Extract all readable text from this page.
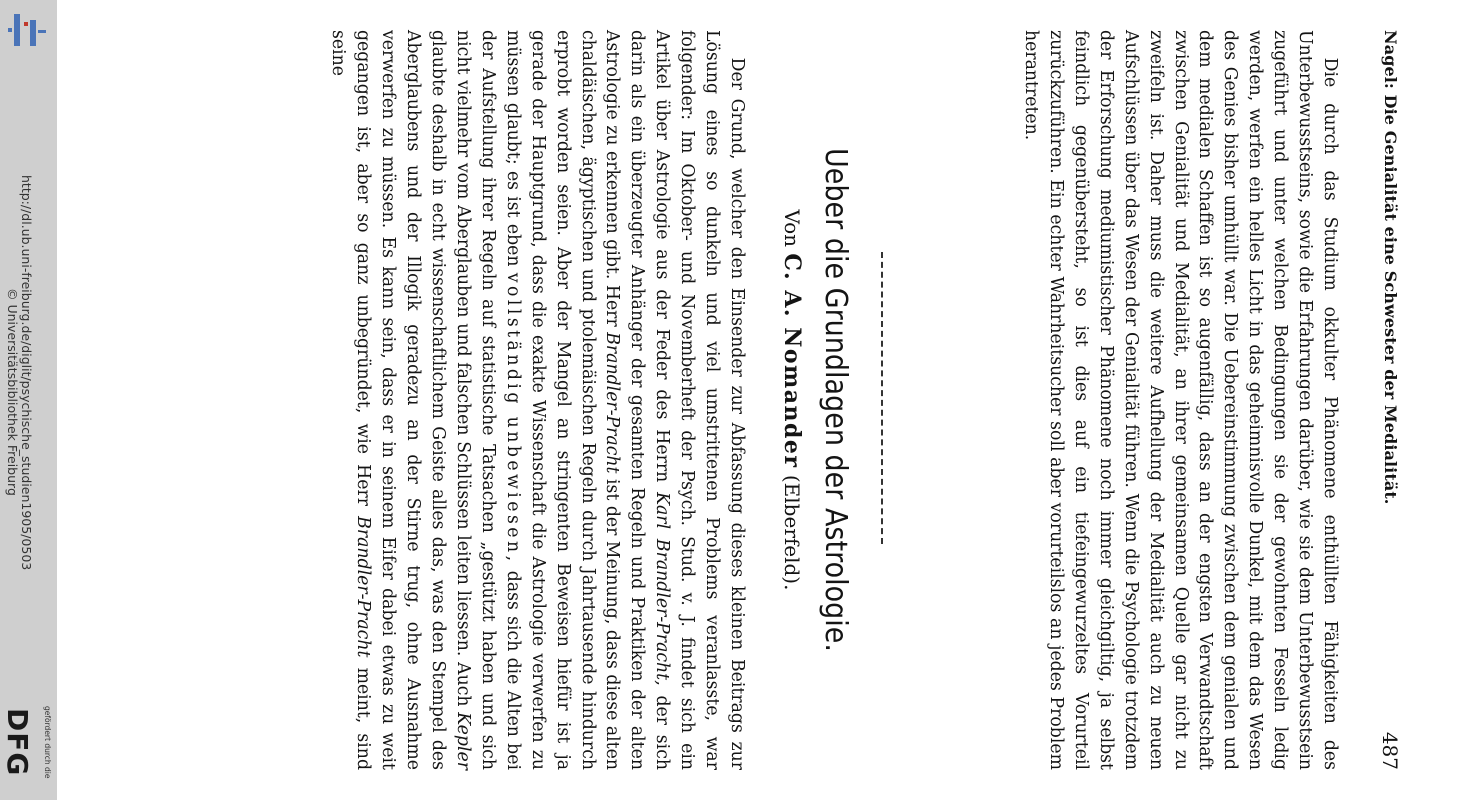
http://dl.ub.uni-freiburg.de/diglit/psychische_studien1905/0503
© Universitätsbibliothek Freiburg
gefördert durch die
DFG
Nagel: Die Genialität eine Schwester der Medialität.
487

Die durch das Studium okkulter Phänomene enthüllten Fähigkeiten des Unterbewusstseins, sowie die Erfahrungen darüber, wie sie dem Unterbewusstsein zugeführt und unter welchen Bedingungen sie der gewohnten Fesseln ledig werden, werfen ein helles Licht in das geheimnisvolle Dunkel, mit dem das Wesen des Genies bisher umhüllt war. Die Uebereinstimmung zwischen dem genialen und dem medialen Schaffen ist so augenfällig, dass an der engsten Verwandtschaft zwischen Genialität und Medialität, an ihrer gemeinsamen Quelle gar nicht zu zweifeln ist. Daher muss die weitere Aufhellung der Medialität auch zu neuen Aufschlüssen über das Wesen der Genialität führen. Wenn die Psychologie trotzdem der Erforschung mediumistischer Phänomene noch immer gleichgiltig, ja selbst feindlich gegenübersteht, so ist dies auf ein tiefeingewurzeltes Vorurteil zurückzuführen. Ein echter Wahrheitsucher soll aber vorurteilslos an jedes Problem herantreten.

Ueber die Grundlagen der Astrologie.
Von C. A. Nomander (Elberfeld).

Der Grund, welcher den Einsender zur Abfassung dieses kleinen Beitrags zur Lösung eines so dunkeln und viel umstrittenen Problems veranlasste, war folgender: Im Oktober- und Novemberheft der Psych. Stud. v. J. findet sich ein Artikel über Astrologie aus der Feder des Herrn Karl Brandler-Pracht, der sich darin als ein überzeugter Anhänger der gesamten Regeln und Praktiken der alten Astrologie zu erkennen gibt. Herr Brandler-Pracht ist der Meinung, dass diese alten chaldäischen, ägyptischen und ptolemäischen Regeln durch Jahrtausende hindurch erprobt worden seien. Aber der Mangel an stringenten Beweisen hiefür ist ja gerade der Hauptgrund, dass die exakte Wissenschaft die Astrologie verwerfen zu müssen glaubt; es ist eben vollständig unbewiesen, dass sich die Alten bei der Aufstellung ihrer Regeln auf statistische Tatsachen „gestützt haben und sich nicht vielmehr vom Aberglauben und falschen Schlüssen leiten liessen. Auch Kepler glaubte deshalb in echt wissenschaftlichem Geiste alles das, was den Stempel des Aberglaubens und der Illogik geradezu an der Stirne trug, ohne Ausnahme verwerfen zu müssen. Es kann sein, dass er in seinem Eifer dabei etwas zu weit gegangen ist, aber so ganz unbegründet, wie Herr Brandler-Pracht meint, sind seine
